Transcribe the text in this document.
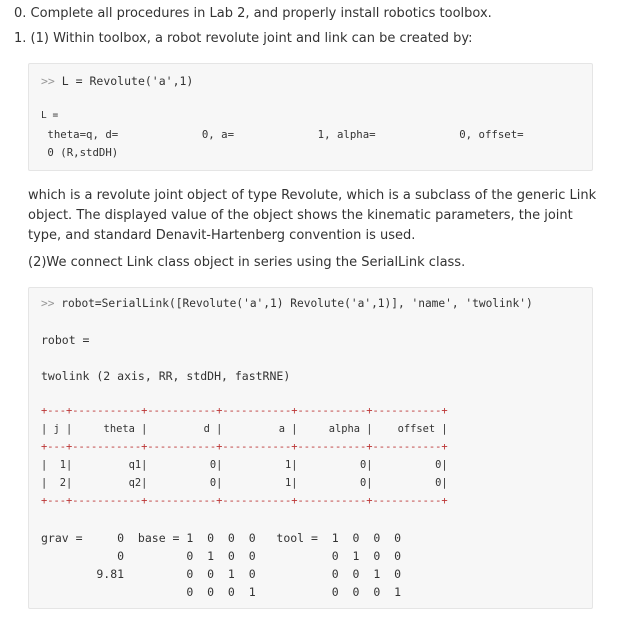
0. Complete all procedures in Lab 2, and properly install robotics toolbox.

1. (1) Within toolbox, a robot revolute joint and link can be created by:

>> L = Revolute('a',1)
L =
theta=q, d=             0, a=             1, alpha=             0, offset=
0 (R,stdDH)

which is a revolute joint object of type Revolute, which is a subclass of the generic Link object. The displayed value of the object shows the kinematic parameters, the joint type, and standard Denavit-Hartenberg convention is used.

(2)We connect Link class object in series using the SerialLink class.

>> robot=SerialLink([Revolute('a',1) Revolute('a',1)], 'name', 'twolink')
robot =
twolink (2 axis, RR, stdDH, fastRNE)
+---+-----------+-----------+-----------+-----------+-----------+
| j |     theta |         d |         a |     alpha |    offset |
+---+-----------+-----------+-----------+-----------+-----------+
|  1|         q1|          0|          1|          0|          0|
|  2|         q2|          0|          1|          0|          0|
+---+-----------+-----------+-----------+-----------+-----------+
grav =     0  base = 1  0  0  0   tool =  1  0  0  0
0         0  1  0  0           0  1  0  0
9.81         0  0  1  0           0  0  1  0
0  0  0  1           0  0  0  1
